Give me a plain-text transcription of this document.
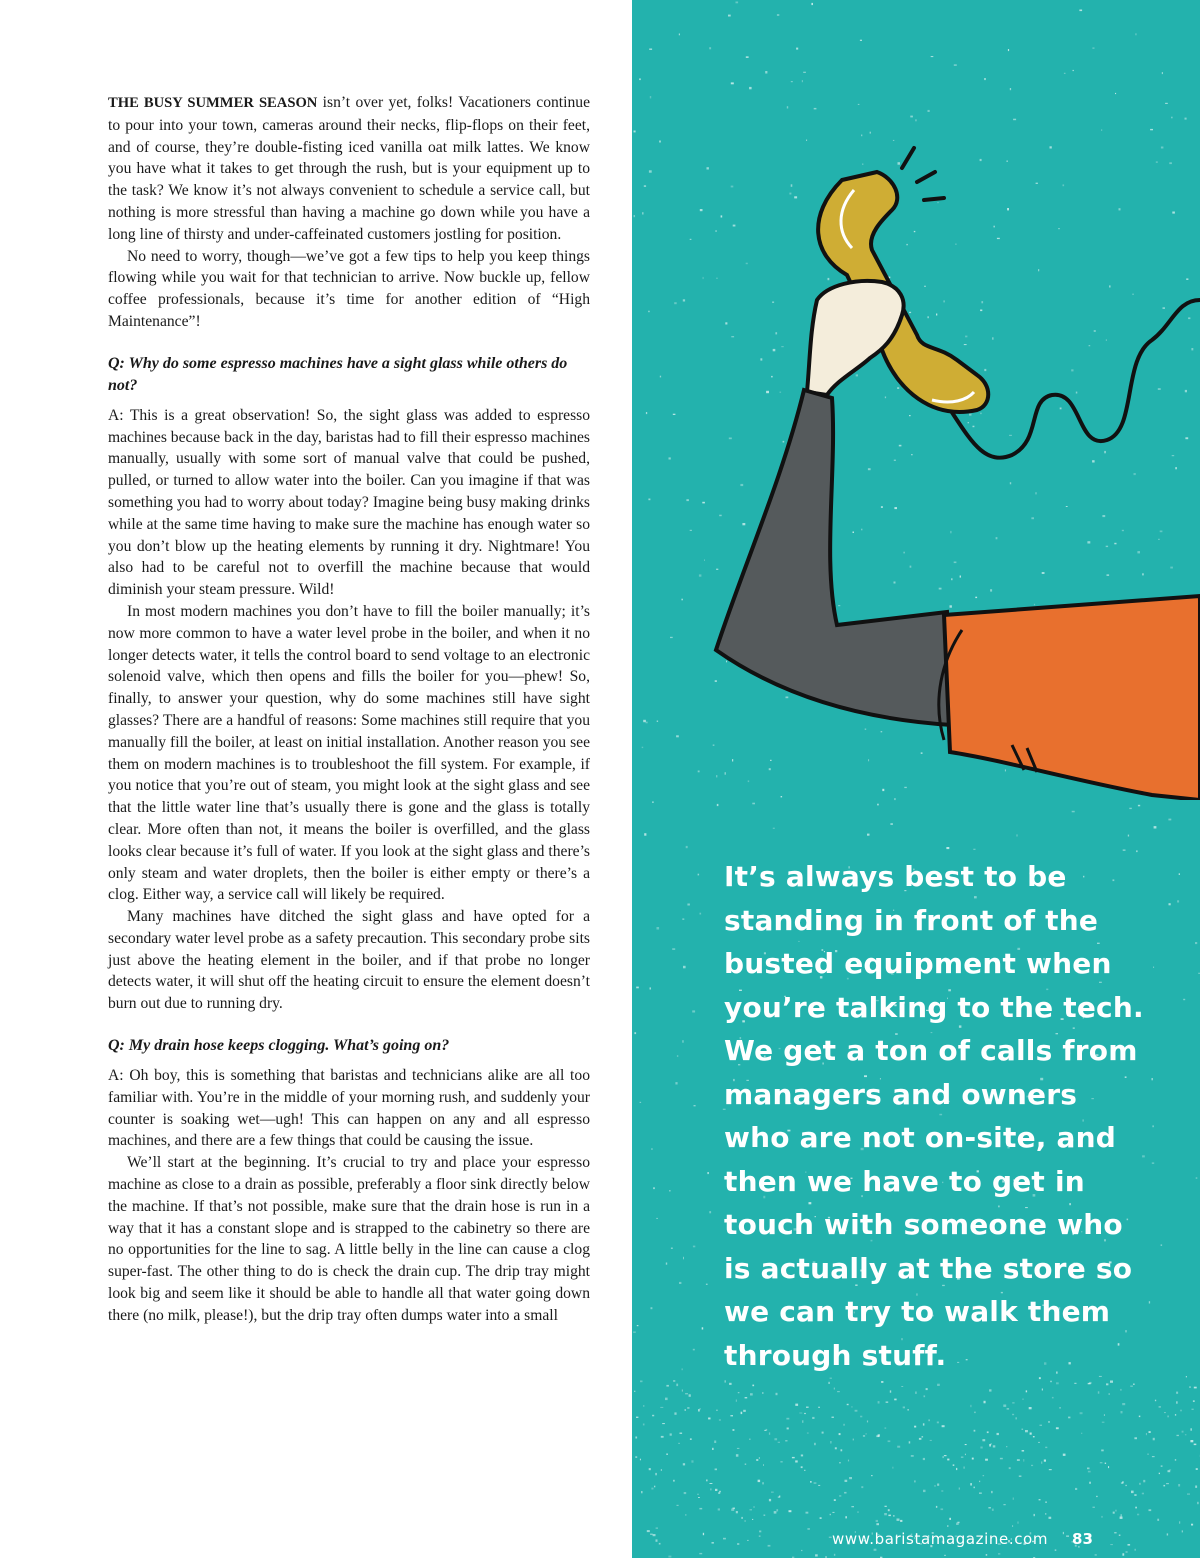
THE BUSY SUMMER SEASON isn’t over yet, folks! Vacationers continue to pour into your town, cameras around their necks, flip-flops on their feet, and of course, they’re double-fisting iced vanilla oat milk lattes. We know you have what it takes to get through the rush, but is your equipment up to the task? We know it’s not always convenient to schedule a service call, but nothing is more stressful than having a machine go down while you have a long line of thirsty and under-caffeinated customers jostling for position.

No need to worry, though—we’ve got a few tips to help you keep things flowing while you wait for that technician to arrive. Now buckle up, fellow coffee professionals, because it’s time for another edition of “High Maintenance”!

Q: Why do some espresso machines have a sight glass while others do not?

A: This is a great observation! So, the sight glass was added to espresso machines because back in the day, baristas had to fill their espresso machines manually, usually with some sort of manual valve that could be pushed, pulled, or turned to allow water into the boiler. Can you imagine if that was something you had to worry about today? Imagine being busy making drinks while at the same time having to make sure the machine has enough water so you don’t blow up the heating elements by running it dry. Nightmare! You also had to be careful not to overfill the machine because that would diminish your steam pressure. Wild!

In most modern machines you don’t have to fill the boiler manually; it’s now more common to have a water level probe in the boiler, and when it no longer detects water, it tells the control board to send voltage to an electronic solenoid valve, which then opens and fills the boiler for you—phew! So, finally, to answer your question, why do some machines still have sight glasses? There are a handful of reasons: Some machines still require that you manually fill the boiler, at least on initial installation. Another reason you see them on modern machines is to troubleshoot the fill system. For example, if you notice that you’re out of steam, you might look at the sight glass and see that the little water line that’s usually there is gone and the glass is totally clear. More often than not, it means the boiler is overfilled, and the glass looks clear because it’s full of water. If you look at the sight glass and there’s only steam and water droplets, then the boiler is either empty or there’s a clog. Either way, a service call will likely be required.

Many machines have ditched the sight glass and have opted for a secondary water level probe as a safety precaution. This secondary probe sits just above the heating element in the boiler, and if that probe no longer detects water, it will shut off the heating circuit to ensure the element doesn’t burn out due to running dry.

Q: My drain hose keeps clogging. What’s going on?

A: Oh boy, this is something that baristas and technicians alike are all too familiar with. You’re in the middle of your morning rush, and suddenly your counter is soaking wet—ugh! This can happen on any and all espresso machines, and there are a few things that could be causing the issue.

We’ll start at the beginning. It’s crucial to try and place your espresso machine as close to a drain as possible, preferably a floor sink directly below the machine. If that’s not possible, make sure that the drain hose is run in a way that it has a constant slope and is strapped to the cabinetry so there are no opportunities for the line to sag. A little belly in the line can cause a clog super-fast. The other thing to do is check the drain cup. The drip tray might look big and seem like it should be able to handle all that water going down there (no milk, please!), but the drip tray often dumps water into a small

It’s always best to be standing in front of the busted equipment when you’re talking to the tech. We get a ton of calls from managers and owners who are not on-site, and then we have to get in touch with someone who is actually at the store so we can try to walk them through stuff.
www.baristamagazine.com 83
